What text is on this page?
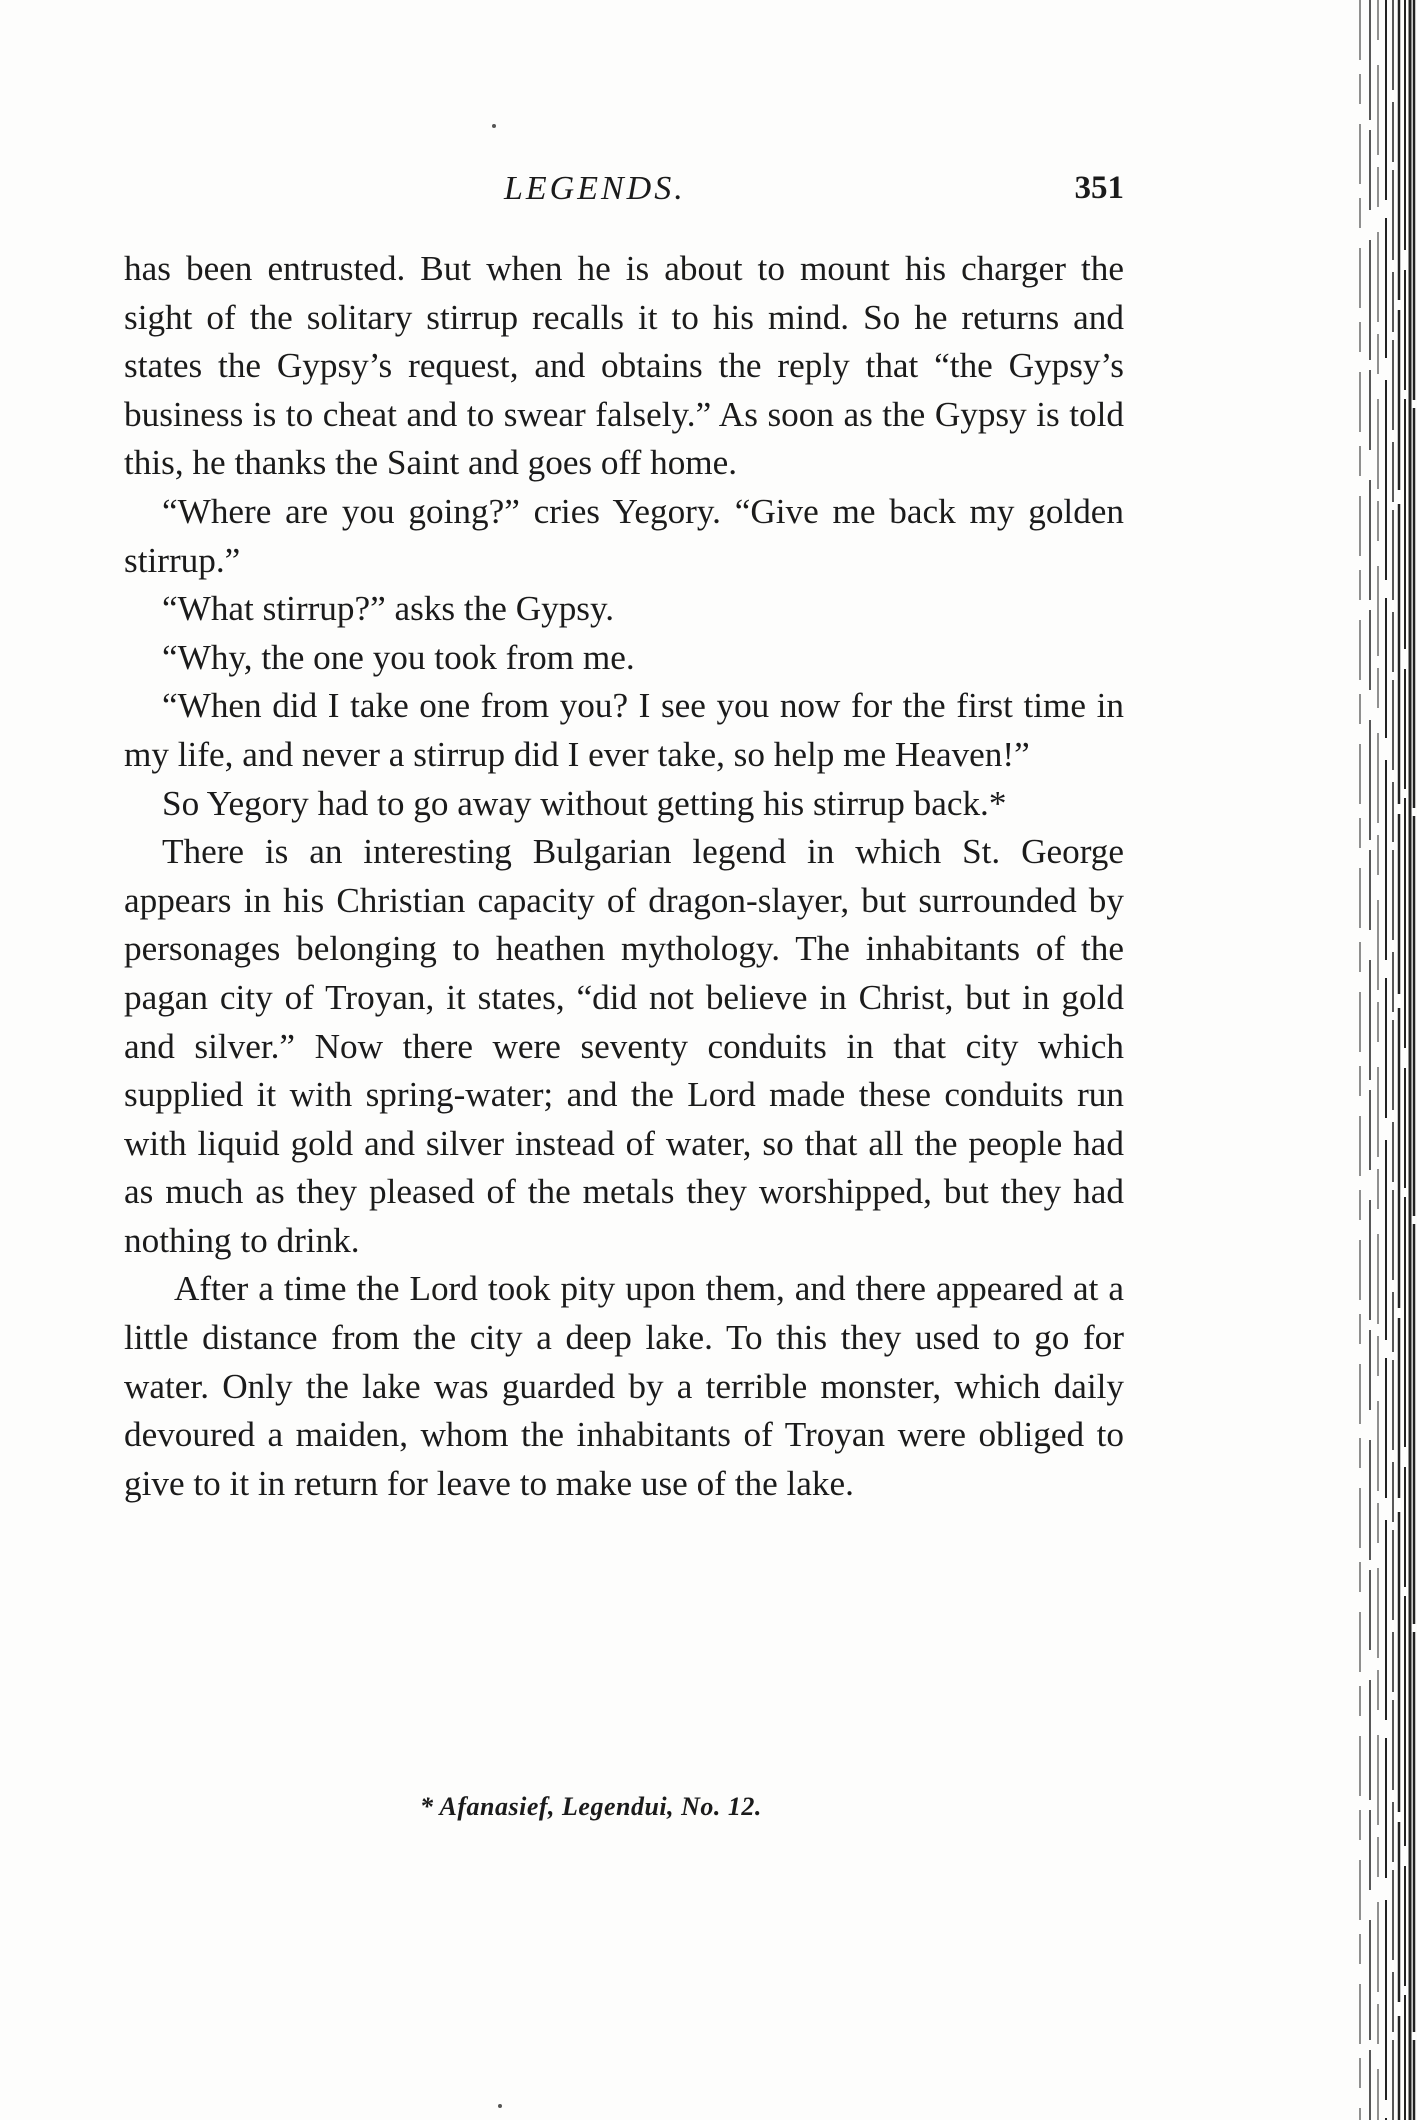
LEGENDS.	351

has been entrusted. But when he is about to mount his charger the sight of the solitary stirrup recalls it to his mind. So he returns and states the Gypsy’s request, and obtains the reply that “the Gypsy’s business is to cheat and to swear falsely.” As soon as the Gypsy is told this, he thanks the Saint and goes off home.

“Where are you going?” cries Yegory. “Give me back my golden stirrup.”

“What stirrup?” asks the Gypsy.

“Why, the one you took from me.

“When did I take one from you? I see you now for the first time in my life, and never a stirrup did I ever take, so help me Heaven!”

So Yegory had to go away without getting his stirrup back.*

There is an interesting Bulgarian legend in which St. George appears in his Christian capacity of dragon-slayer, but surrounded by personages belonging to heathen mythology. The inhabitants of the pagan city of Troyan, it states, “did not believe in Christ, but in gold and silver.” Now there were seventy conduits in that city which supplied it with spring-water; and the Lord made these conduits run with liquid gold and silver instead of water, so that all the people had as much as they pleased of the metals they worshipped, but they had nothing to drink.

After a time the Lord took pity upon them, and there appeared at a little distance from the city a deep lake. To this they used to go for water. Only the lake was guarded by a terrible monster, which daily devoured a maiden, whom the inhabitants of Troyan were obliged to give to it in return for leave to make use of the lake.

* Afanasief, Legendui, No. 12.
